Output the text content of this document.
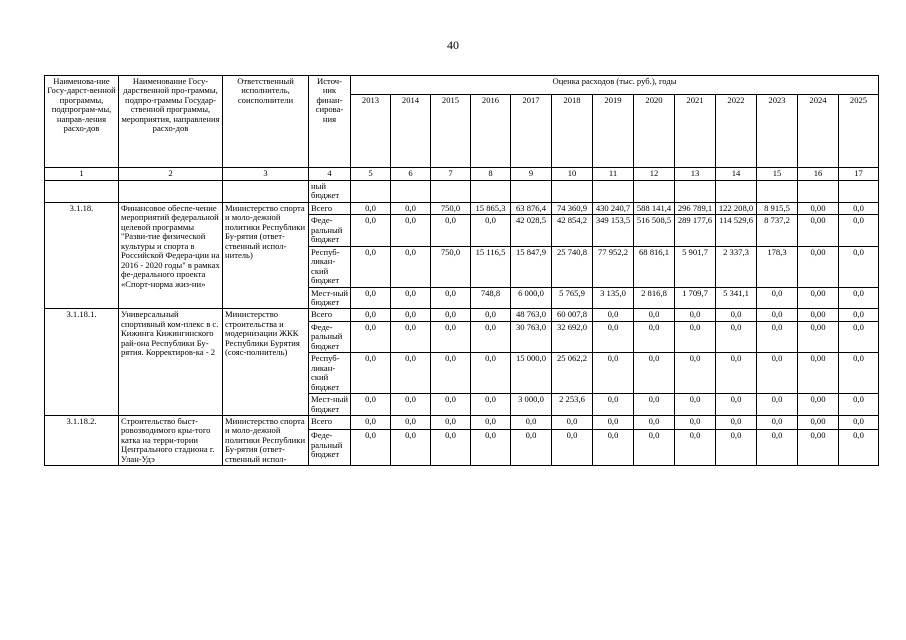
40
Наименова-ние Госу-дарст-венной программы, подпрограм-мы, направ-ления расхо-дов	Наименование Госу-дарственной про-граммы, подпро-граммы Государ-ственной программы, мероприятия, направления расхо-дов	Ответственный исполнитель, соисполнители	Источ-ник финан-сирова-ния	Оценка расходов (тыс. руб.), годы												
				2013	2014	2015	2016	2017	2018	2019	2020	2021	2022	2023	2024	2025
1	2	3	4	5	6	7	8	9	10	11	12	13	14	15	16	17
			ный бюджет													
3.1.18.	Финансовое обеспе-чение мероприятий федеральной целевой программы "Разви-тие физической культуры и спорта в Российской Федера-ции на 2016 - 2020 годы" в рамках фе-дерального проекта «Спорт-норма жиз-ни»	Министерство спорта и моло-дежной политики Республики Бу-рятия (ответ-ственный испол-нитель)	Всего	0,0	0,0	750,0	15 865,3	63 876,4	74 360,9	430 240,7	588 141,4	296 789,1	122 208,0	8 915,5	0,00	0,0
			Феде-ральный бюджет	0,0	0,0	0,0	0,0	42 028,5	42 854,2	349 153,5	516 508,5	289 177,6	114 529,6	8 737,2	0,00	0,0
			Респуб-ликан-ский бюджет	0,0	0,0	750,0	15 116,5	15 847,9	25 740,8	77 952,2	68 816,1	5 901,7	2 337,3	178,3	0,00	0,0
			Мест-ный бюджет	0,0	0,0	0,0	748,8	6 000,0	5 765,9	3 135,0	2 816,8	1 709,7	5 341,1	0,0	0,00	0,0
3.1.18.1.	Универсальный спортивный ком-плекс в с. Кижинга Кижингинского рай-она Республики Бу-рятия. Корректиров-ка - 2	Министерство строительства и модернизации ЖКК Республики Бурятия (сояс-полнитель)	Всего	0,0	0,0	0,0	0,0	48 763,0	60 007,8	0,0	0,0	0,0	0,0	0,0	0,00	0,0
			Феде-ральный бюджет	0,0	0,0	0,0	0,0	30 763,0	32 692,0	0,0	0,0	0,0	0,0	0,0	0,00	0,0
			Респуб-ликан-ский бюджет	0,0	0,0	0,0	0,0	15 000,0	25 062,2	0,0	0,0	0,0	0,0	0,0	0,00	0,0
			Мест-ный бюджет	0,0	0,0	0,0	0,0	3 000,0	2 253,6	0,0	0,0	0,0	0,0	0,0	0,00	0,0
3.1.18.2.	Строительство быст-ровозводимого кры-того катка на терри-тории Центрального стадиона г. Улан-Удэ	Министерство спорта и моло-дежной политики Республики Бу-рятия (ответ-ственный испол-	Всего	0,0	0,0	0,0	0,0	0,0	0,0	0,0	0,0	0,0	0,0	0,0	0,00	0,0
			Феде-ральный бюджет	0,0	0,0	0,0	0,0	0,0	0,0	0,0	0,0	0,0	0,0	0,0	0,00	0,0
